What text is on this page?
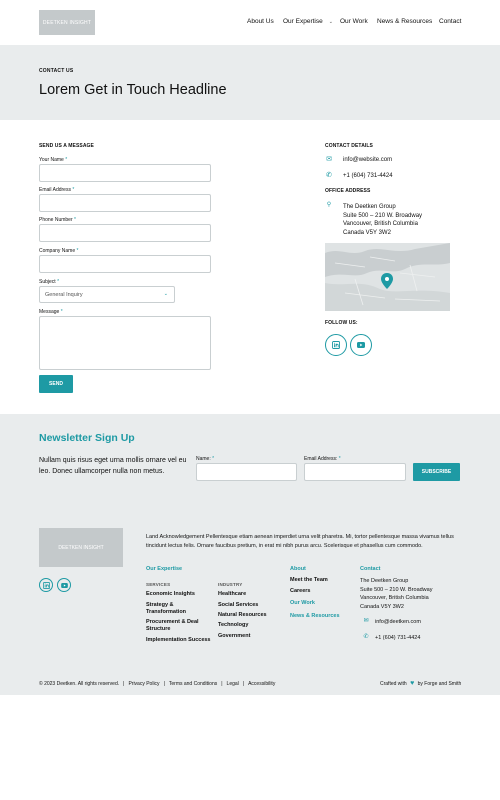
DEETKEN INSIGHT	About Us Our Expertise ⌄ Our Work News & Resources Contact
CONTACT US
Lorem Get in Touch Headline
SEND US A MESSAGE
Your Name *
Email Address *
Phone Number *
Company Name *
Subject *
General Inquiry	⌄
Message *
SEND
CONTACT DETAILS
✉ info@website.com
✆ +1 (604) 731-4424
OFFICE ADDRESS
⚲ The Deetken Group
Suite 500 – 210 W. Broadway
Vancouver, British Columbia
Canada V5Y 3W2
FOLLOW US:
Newsletter Sign Up
Nullam quis risus eget urna mollis ornare vel eu leo. Donec ullamcorper nulla non metus.
Name: *	Email Address: *
SUBSCRIBE
DEETKEN INSIGHT
Land Acknowledgement Pellentesque etiam aenean imperdiet urna velit pharetra. Mi, tortor pellentesque massa vivamus tellus tincidunt lectus felis. Ornare faucibus pretium, in erat mi nibh purus arcu. Scelerisque et phasellus cum commodo.
Our Expertise
SERVICES
Economic Insights
Strategy & Transformation
Procurement & Deal Structure
Implementation Success
INDUSTRY
Healthcare
Social Services
Natural Resources
Technology
Government
About
Meet the Team
Careers
Our Work
News & Resources
Contact
The Deetken Group
Suite 500 – 210 W. Broadway
Vancouver, British Columbia
Canada V5Y 3W2
✉ info@deetken.com
✆ +1 (604) 731-4424
© 2023 Deetken. All rights reserved. | Privacy Policy | Terms and Conditions | Legal | Accessibility	Crafted with ♥ by Forge and Smith
